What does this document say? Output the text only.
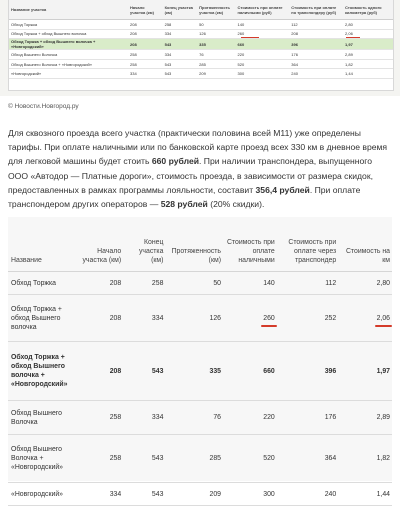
Название участка	Начало участка (км)	Конец участка (км)	Протяженность участка (км)	Стоимость при оплате наличными (руб)	Стоимость при оплате по транспондеру (руб)	Стоимость одного километра (руб)
Обход Торжка	208	258	50	140	112	2,80
Обход Торжка + обход Вышнего волочка	208	334	126	260	208	2,06
Обход Торжка + обход Вышнего волочка + «Новгородский»	208	543	335	660	396	1,97
Обход Вышнего Волочка	258	334	76	220	176	2,89
Обход Вышнего Волочка + «Новгородский»	258	543	285	520	364	1,82
«Новгородский»	334	543	209	300	240	1,44
© Новости.Новгород.ру
Для сквозного проезда всего участка (практически половина всей М11) уже определены тарифы. При оплате наличными или по банковской карте проезд всех 330 км в дневное время для легковой машины будет стоить 660 рублей. При наличии транспондера, выпущенного ООО «Автодор — Платные дороги», стоимость проезда, в зависимости от размера скидок, предоставленных в рамках программы лояльности, составит 356,4 рублей. При оплате транспондером других операторов — 528 рублей (20% скидки).
Название	Начало участка (км)	Конец участка (км)	Протяженность (км)	Стоимость при оплате наличными	Стоимость при оплате через транспондер	Стоимость на км
Обход Торжка	208	258	50	140	112	2,80
Обход Торжка + обход Вышнего волочка	208	334	126	260	252	2,06
Обход Торжка + обход Вышнего волочка + «Новгородский»	208	543	335	660	396	1,97
Обход Вышнего Волочка	258	334	76	220	176	2,89
Обход Вышнего Волочка + «Новгородский»	258	543	285	520	364	1,82
«Новгородский»	334	543	209	300	240	1,44
